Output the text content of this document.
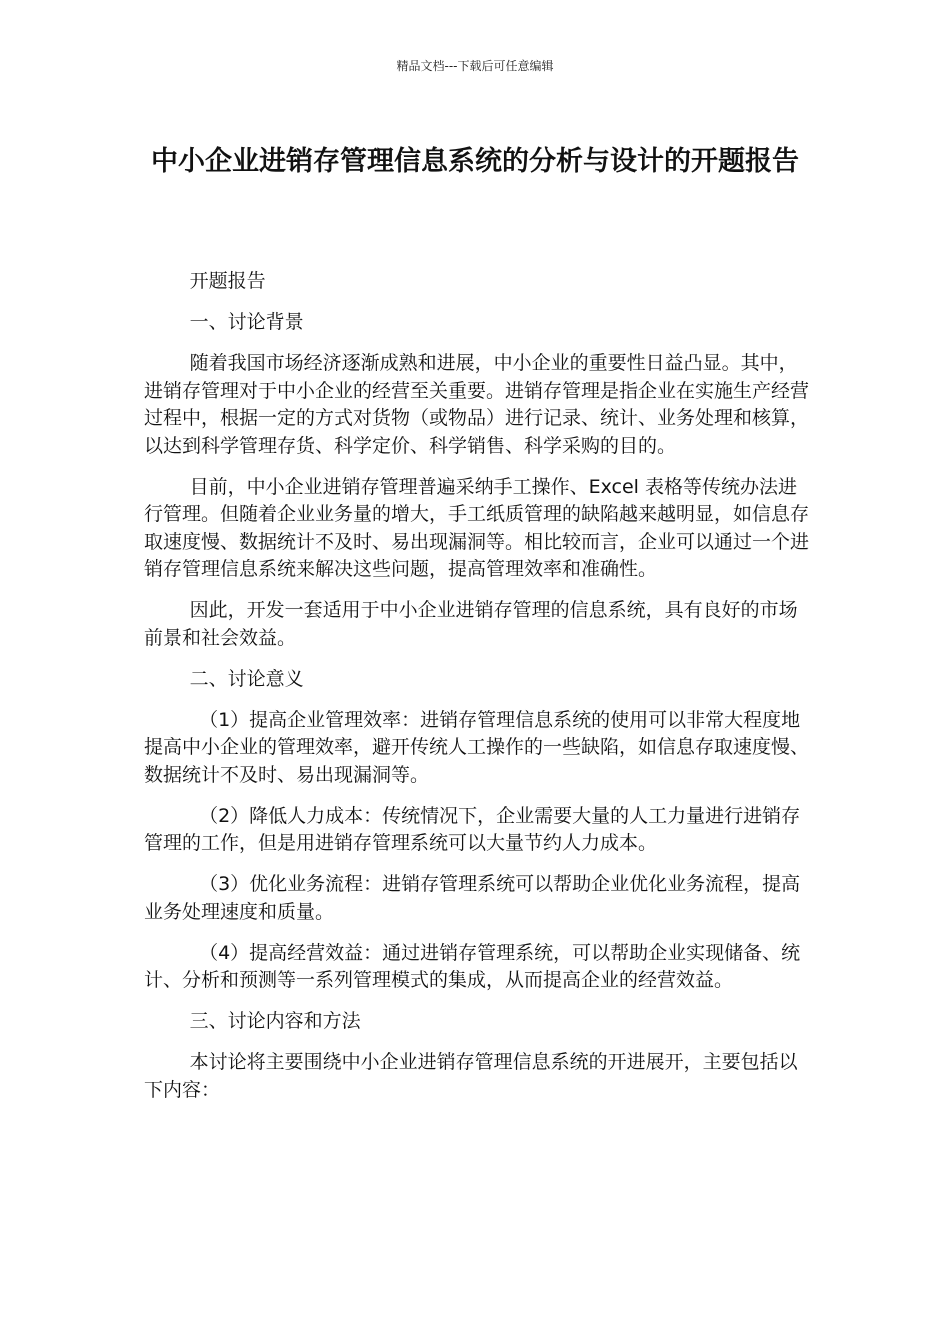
精品文档---下载后可任意编辑
中小企业进销存管理信息系统的分析与设计的开题报告

开题报告

一、讨论背景

随着我国市场经济逐渐成熟和进展，中小企业的重要性日益凸显。其中，进销存管理对于中小企业的经营至关重要。进销存管理是指企业在实施生产经营过程中，根据一定的方式对货物（或物品）进行记录、统计、业务处理和核算，以达到科学管理存货、科学定价、科学销售、科学采购的目的。

目前，中小企业进销存管理普遍采纳手工操作、Excel 表格等传统办法进行管理。但随着企业业务量的增大，手工纸质管理的缺陷越来越明显，如信息存取速度慢、数据统计不及时、易出现漏洞等。相比较而言，企业可以通过一个进销存管理信息系统来解决这些问题，提高管理效率和准确性。

因此，开发一套适用于中小企业进销存管理的信息系统，具有良好的市场前景和社会效益。

二、讨论意义

（1）提高企业管理效率：进销存管理信息系统的使用可以非常大程度地提高中小企业的管理效率，避开传统人工操作的一些缺陷，如信息存取速度慢、数据统计不及时、易出现漏洞等。

（2）降低人力成本：传统情况下，企业需要大量的人工力量进行进销存管理的工作，但是用进销存管理系统可以大量节约人力成本。

（3）优化业务流程：进销存管理系统可以帮助企业优化业务流程，提高业务处理速度和质量。

（4）提高经营效益：通过进销存管理系统，可以帮助企业实现储备、统计、分析和预测等一系列管理模式的集成，从而提高企业的经营效益。

三、讨论内容和方法

本讨论将主要围绕中小企业进销存管理信息系统的开进展开，主要包括以下内容：
